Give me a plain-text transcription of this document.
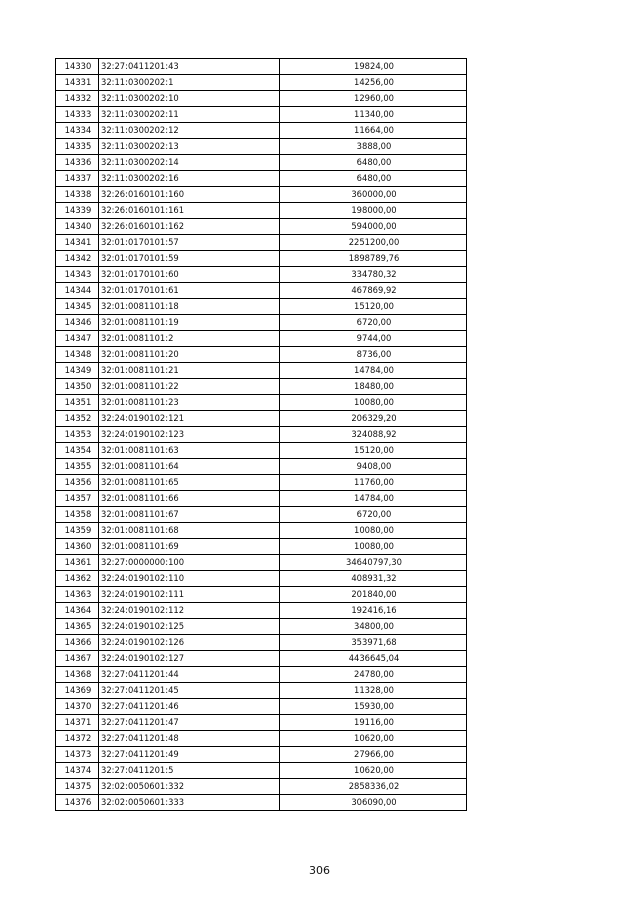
14330	32:27:0411201:43	19824,00
14331	32:11:0300202:1	14256,00
14332	32:11:0300202:10	12960,00
14333	32:11:0300202:11	11340,00
14334	32:11:0300202:12	11664,00
14335	32:11:0300202:13	3888,00
14336	32:11:0300202:14	6480,00
14337	32:11:0300202:16	6480,00
14338	32:26:0160101:160	360000,00
14339	32:26:0160101:161	198000,00
14340	32:26:0160101:162	594000,00
14341	32:01:0170101:57	2251200,00
14342	32:01:0170101:59	1898789,76
14343	32:01:0170101:60	334780,32
14344	32:01:0170101:61	467869,92
14345	32:01:0081101:18	15120,00
14346	32:01:0081101:19	6720,00
14347	32:01:0081101:2	9744,00
14348	32:01:0081101:20	8736,00
14349	32:01:0081101:21	14784,00
14350	32:01:0081101:22	18480,00
14351	32:01:0081101:23	10080,00
14352	32:24:0190102:121	206329,20
14353	32:24:0190102:123	324088,92
14354	32:01:0081101:63	15120,00
14355	32:01:0081101:64	9408,00
14356	32:01:0081101:65	11760,00
14357	32:01:0081101:66	14784,00
14358	32:01:0081101:67	6720,00
14359	32:01:0081101:68	10080,00
14360	32:01:0081101:69	10080,00
14361	32:27:0000000:100	34640797,30
14362	32:24:0190102:110	408931,32
14363	32:24:0190102:111	201840,00
14364	32:24:0190102:112	192416,16
14365	32:24:0190102:125	34800,00
14366	32:24:0190102:126	353971,68
14367	32:24:0190102:127	4436645,04
14368	32:27:0411201:44	24780,00
14369	32:27:0411201:45	11328,00
14370	32:27:0411201:46	15930,00
14371	32:27:0411201:47	19116,00
14372	32:27:0411201:48	10620,00
14373	32:27:0411201:49	27966,00
14374	32:27:0411201:5	10620,00
14375	32:02:0050601:332	2858336,02
14376	32:02:0050601:333	306090,00
306
